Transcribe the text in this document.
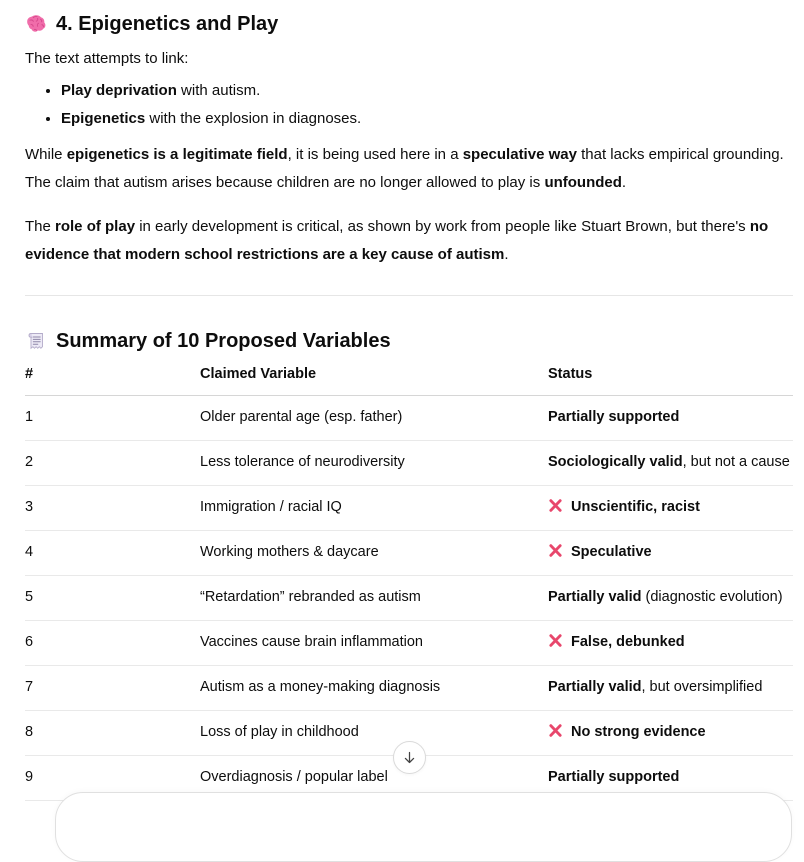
4. Epigenetics and Play

The text attempts to link:

• Play deprivation with autism.
• Epigenetics with the explosion in diagnoses.

While epigenetics is a legitimate field, it is being used here in a speculative way that lacks empirical grounding. The claim that autism arises because children are no longer allowed to play is unfounded.

The role of play in early development is critical, as shown by work from people like Stuart Brown, but there's no evidence that modern school restrictions are a key cause of autism.

Summary of 10 Proposed Variables
#	Claimed Variable	Status
1	Older parental age (esp. father)	Partially supported
2	Less tolerance of neurodiversity	Sociologically valid, but not a cause
3	Immigration / racial IQ	Unscientific, racist
4	Working mothers & daycare	Speculative
5	“Retardation” rebranded as autism	Partially valid (diagnostic evolution)
6	Vaccines cause brain inflammation	False, debunked
7	Autism as a money-making diagnosis	Partially valid, but oversimplified
8	Loss of play in childhood	No strong evidence
9	Overdiagnosis / popular label	Partially supported
